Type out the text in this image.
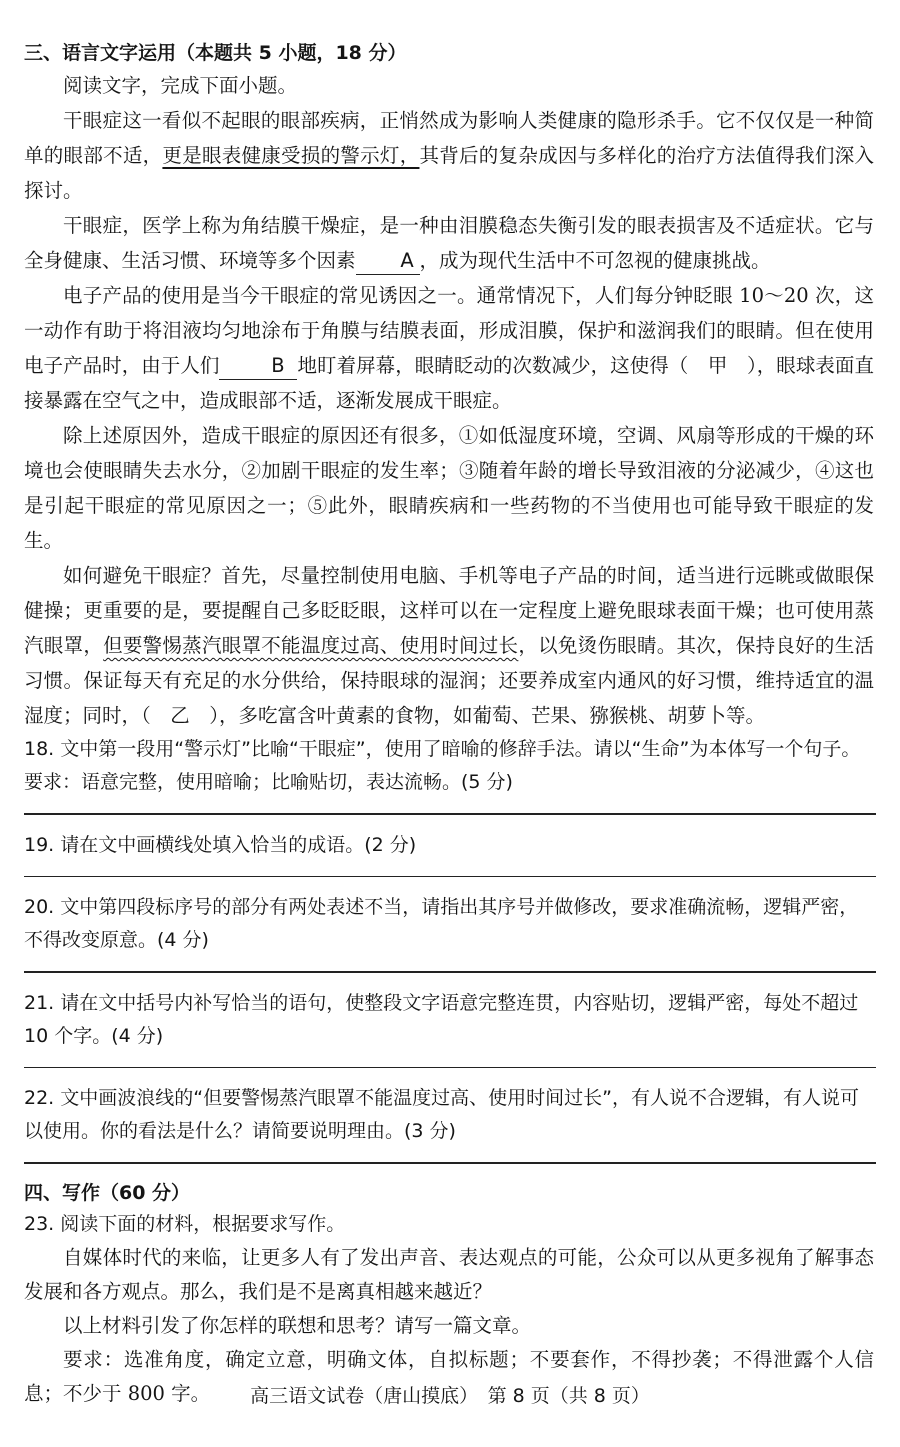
三、语言文字运用（本题共 5 小题，18 分）

阅读文字，完成下面小题。

干眼症这一看似不起眼的眼部疾病，正悄然成为影响人类健康的隐形杀手。它不仅仅是一种简单的眼部不适，更是眼表健康受损的警示灯，其背后的复杂成因与多样化的治疗方法值得我们深入探讨。

干眼症，医学上称为角结膜干燥症，是一种由泪膜稳态失衡引发的眼表损害及不适症状。它与全身健康、生活习惯、环境等多个因素 A ，成为现代生活中不可忽视的健康挑战。

电子产品的使用是当今干眼症的常见诱因之一。通常情况下，人们每分钟眨眼 10～20 次，这一动作有助于将泪液均匀地涂布于角膜与结膜表面，形成泪膜，保护和滋润我们的眼睛。但在使用电子产品时，由于人们	B 地盯着屏幕，眼睛眨动的次数减少，这使得（　甲　），眼球表面直接暴露在空气之中，造成眼部不适，逐渐发展成干眼症。

除上述原因外，造成干眼症的原因还有很多，①如低湿度环境，空调、风扇等形成的干燥的环境也会使眼睛失去水分，②加剧干眼症的发生率；③随着年龄的增长导致泪液的分泌减少，④这也是引起干眼症的常见原因之一；⑤此外，眼睛疾病和一些药物的不当使用也可能导致干眼症的发生。

如何避免干眼症？首先，尽量控制使用电脑、手机等电子产品的时间，适当进行远眺或做眼保健操；更重要的是，要提醒自己多眨眨眼，这样可以在一定程度上避免眼球表面干燥；也可使用蒸汽眼罩，但要警惕蒸汽眼罩不能温度过高、使用时间过长，以免烫伤眼睛。其次，保持良好的生活习惯。保证每天有充足的水分供给，保持眼球的湿润；还要养成室内通风的好习惯，维持适宜的温湿度；同时，（　乙　），多吃富含叶黄素的食物，如葡萄、芒果、猕猴桃、胡萝卜等。

18. 文中第一段用“警示灯”比喻“干眼症”，使用了暗喻的修辞手法。请以“生命”为本体写一个句子。要求：语意完整，使用暗喻；比喻贴切，表达流畅。(5 分)

19. 请在文中画横线处填入恰当的成语。(2 分)

20. 文中第四段标序号的部分有两处表述不当，请指出其序号并做修改，要求准确流畅，逻辑严密，不得改变原意。(4 分)

21. 请在文中括号内补写恰当的语句，使整段文字语意完整连贯，内容贴切，逻辑严密，每处不超过 10 个字。(4 分)

22. 文中画波浪线的“但要警惕蒸汽眼罩不能温度过高、使用时间过长”，有人说不合逻辑，有人说可以使用。你的看法是什么？请简要说明理由。(3 分)

四、写作（60 分）

23. 阅读下面的材料，根据要求写作。

自媒体时代的来临，让更多人有了发出声音、表达观点的可能，公众可以从更多视角了解事态发展和各方观点。那么，我们是不是离真相越来越近？

以上材料引发了你怎样的联想和思考？请写一篇文章。

要求：选准角度，确定立意，明确文体，自拟标题；不要套作，不得抄袭；不得泄露个人信息；不少于 800 字。	高三语文试卷（唐山摸底）　第 8 页（共 8 页）
